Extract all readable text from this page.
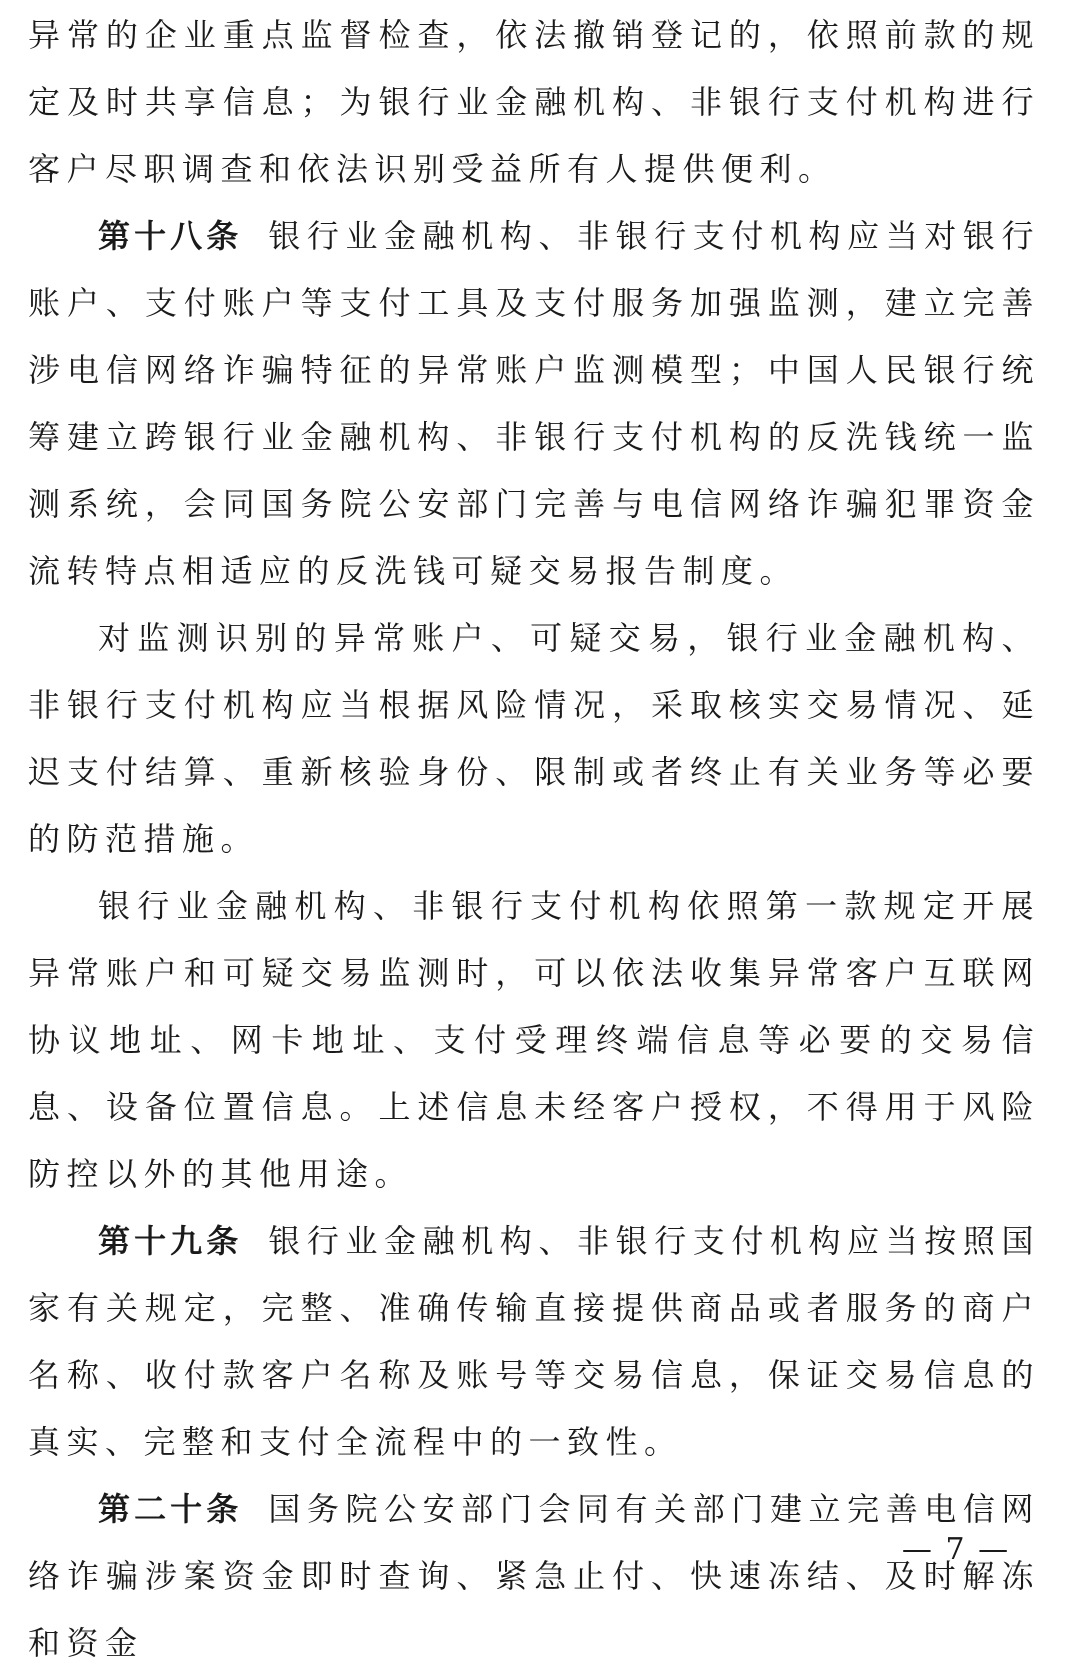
异常的企业重点监督检查，依法撤销登记的，依照前款的规定及时共享信息；为银行业金融机构、非银行支付机构进行客户尽职调查和依法识别受益所有人提供便利。

第十八条 银行业金融机构、非银行支付机构应当对银行账户、支付账户等支付工具及支付服务加强监测，建立完善涉电信网络诈骗特征的异常账户监测模型；中国人民银行统筹建立跨银行业金融机构、非银行支付机构的反洗钱统一监测系统，会同国务院公安部门完善与电信网络诈骗犯罪资金流转特点相适应的反洗钱可疑交易报告制度。

对监测识别的异常账户、可疑交易，银行业金融机构、非银行支付机构应当根据风险情况，采取核实交易情况、延迟支付结算、重新核验身份、限制或者终止有关业务等必要的防范措施。

银行业金融机构、非银行支付机构依照第一款规定开展异常账户和可疑交易监测时，可以依法收集异常客户互联网协议地址、网卡地址、支付受理终端信息等必要的交易信息、设备位置信息。上述信息未经客户授权，不得用于风险防控以外的其他用途。

第十九条 银行业金融机构、非银行支付机构应当按照国家有关规定，完整、准确传输直接提供商品或者服务的商户名称、收付款客户名称及账号等交易信息，保证交易信息的真实、完整和支付全流程中的一致性。

第二十条 国务院公安部门会同有关部门建立完善电信网络诈骗涉案资金即时查询、紧急止付、快速冻结、及时解冻和资金

— 7 —
